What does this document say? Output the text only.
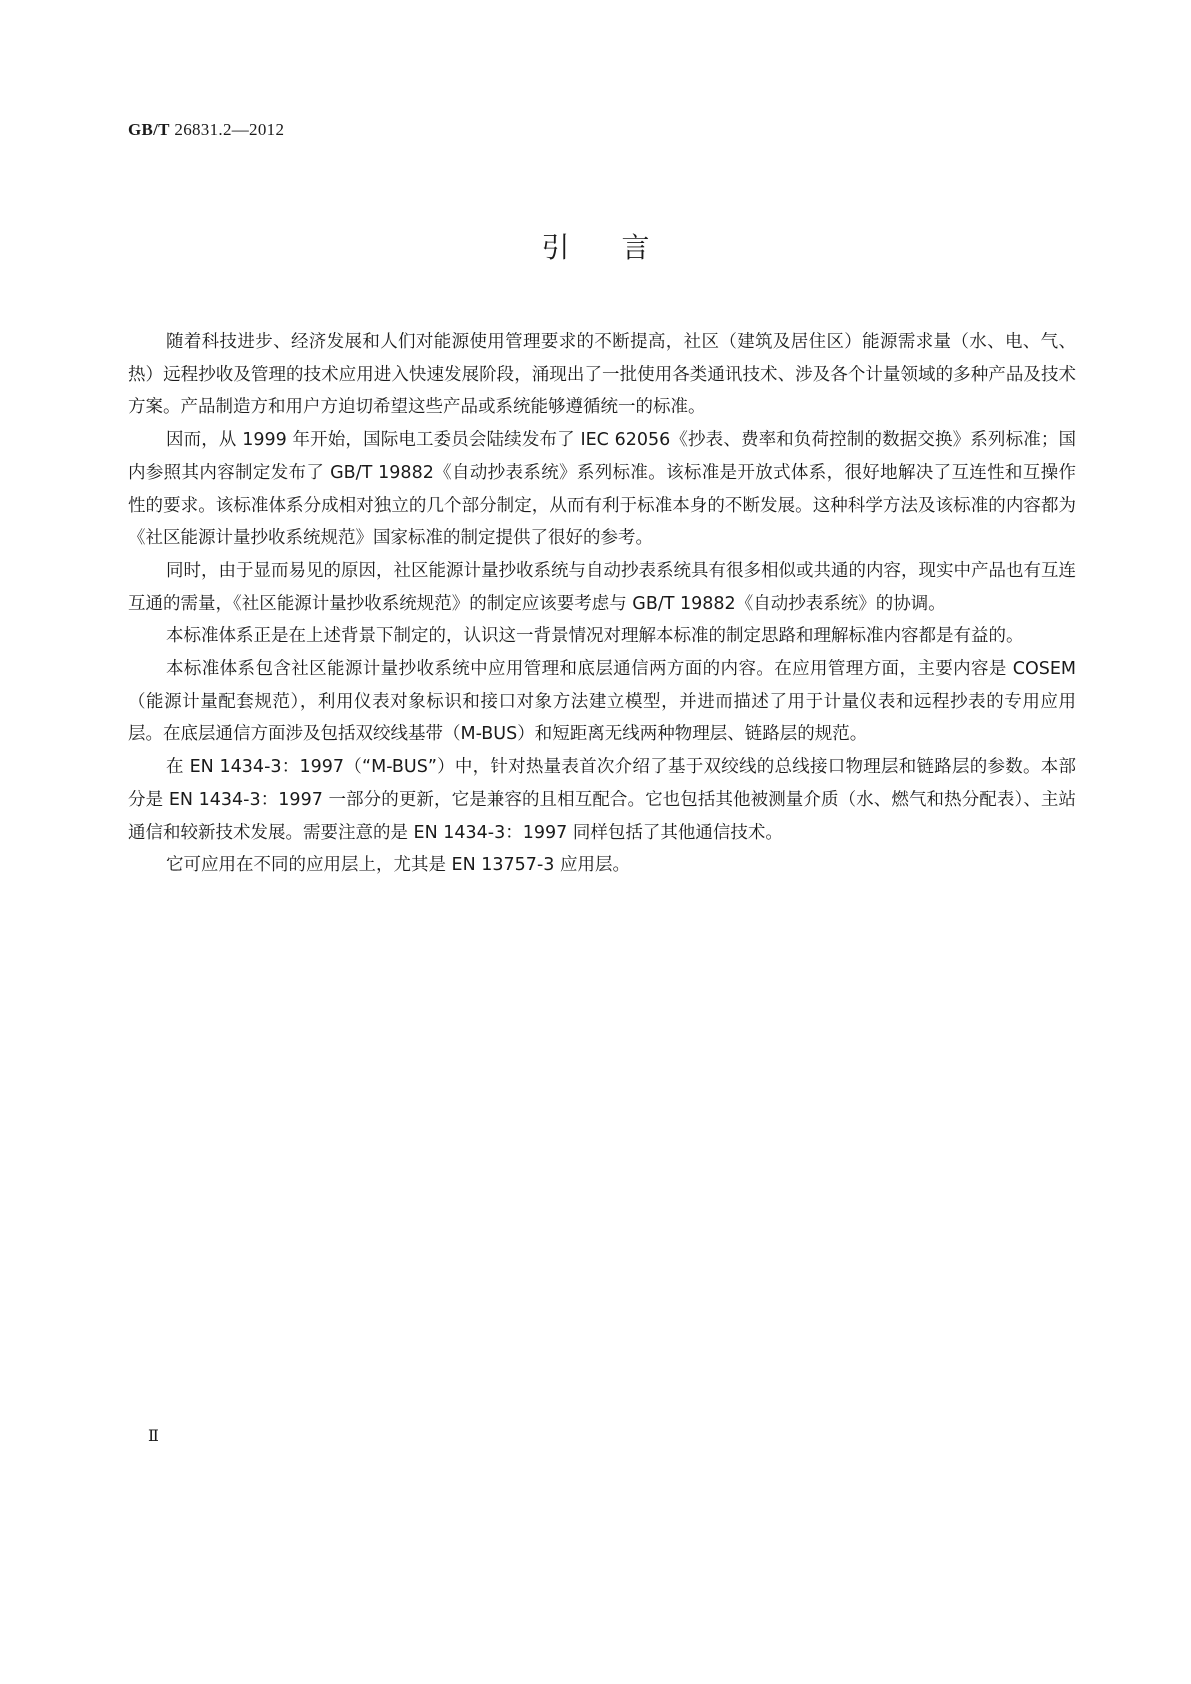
GB/T 26831.2—2012
引言

随着科技进步、经济发展和人们对能源使用管理要求的不断提高，社区（建筑及居住区）能源需求量（水、电、气、热）远程抄收及管理的技术应用进入快速发展阶段，涌现出了一批使用各类通讯技术、涉及各个计量领域的多种产品及技术方案。产品制造方和用户方迫切希望这些产品或系统能够遵循统一的标准。

因而，从 1999 年开始，国际电工委员会陆续发布了 IEC 62056《抄表、费率和负荷控制的数据交换》系列标准；国内参照其内容制定发布了 GB/T 19882《自动抄表系统》系列标准。该标准是开放式体系，很好地解决了互连性和互操作性的要求。该标准体系分成相对独立的几个部分制定，从而有利于标准本身的不断发展。这种科学方法及该标准的内容都为《社区能源计量抄收系统规范》国家标准的制定提供了很好的参考。

同时，由于显而易见的原因，社区能源计量抄收系统与自动抄表系统具有很多相似或共通的内容，现实中产品也有互连互通的需量，《社区能源计量抄收系统规范》的制定应该要考虑与 GB/T 19882《自动抄表系统》的协调。

本标准体系正是在上述背景下制定的，认识这一背景情况对理解本标准的制定思路和理解标准内容都是有益的。

本标准体系包含社区能源计量抄收系统中应用管理和底层通信两方面的内容。在应用管理方面，主要内容是 COSEM（能源计量配套规范），利用仪表对象标识和接口对象方法建立模型，并进而描述了用于计量仪表和远程抄表的专用应用层。在底层通信方面涉及包括双绞线基带（M-BUS）和短距离无线两种物理层、链路层的规范。

在 EN 1434-3：1997（“M-BUS”）中，针对热量表首次介绍了基于双绞线的总线接口物理层和链路层的参数。本部分是 EN 1434-3：1997 一部分的更新，它是兼容的且相互配合。它也包括其他被测量介质（水、燃气和热分配表）、主站通信和较新技术发展。需要注意的是 EN 1434-3：1997 同样包括了其他通信技术。

它可应用在不同的应用层上，尤其是 EN 13757-3 应用层。

Ⅱ
